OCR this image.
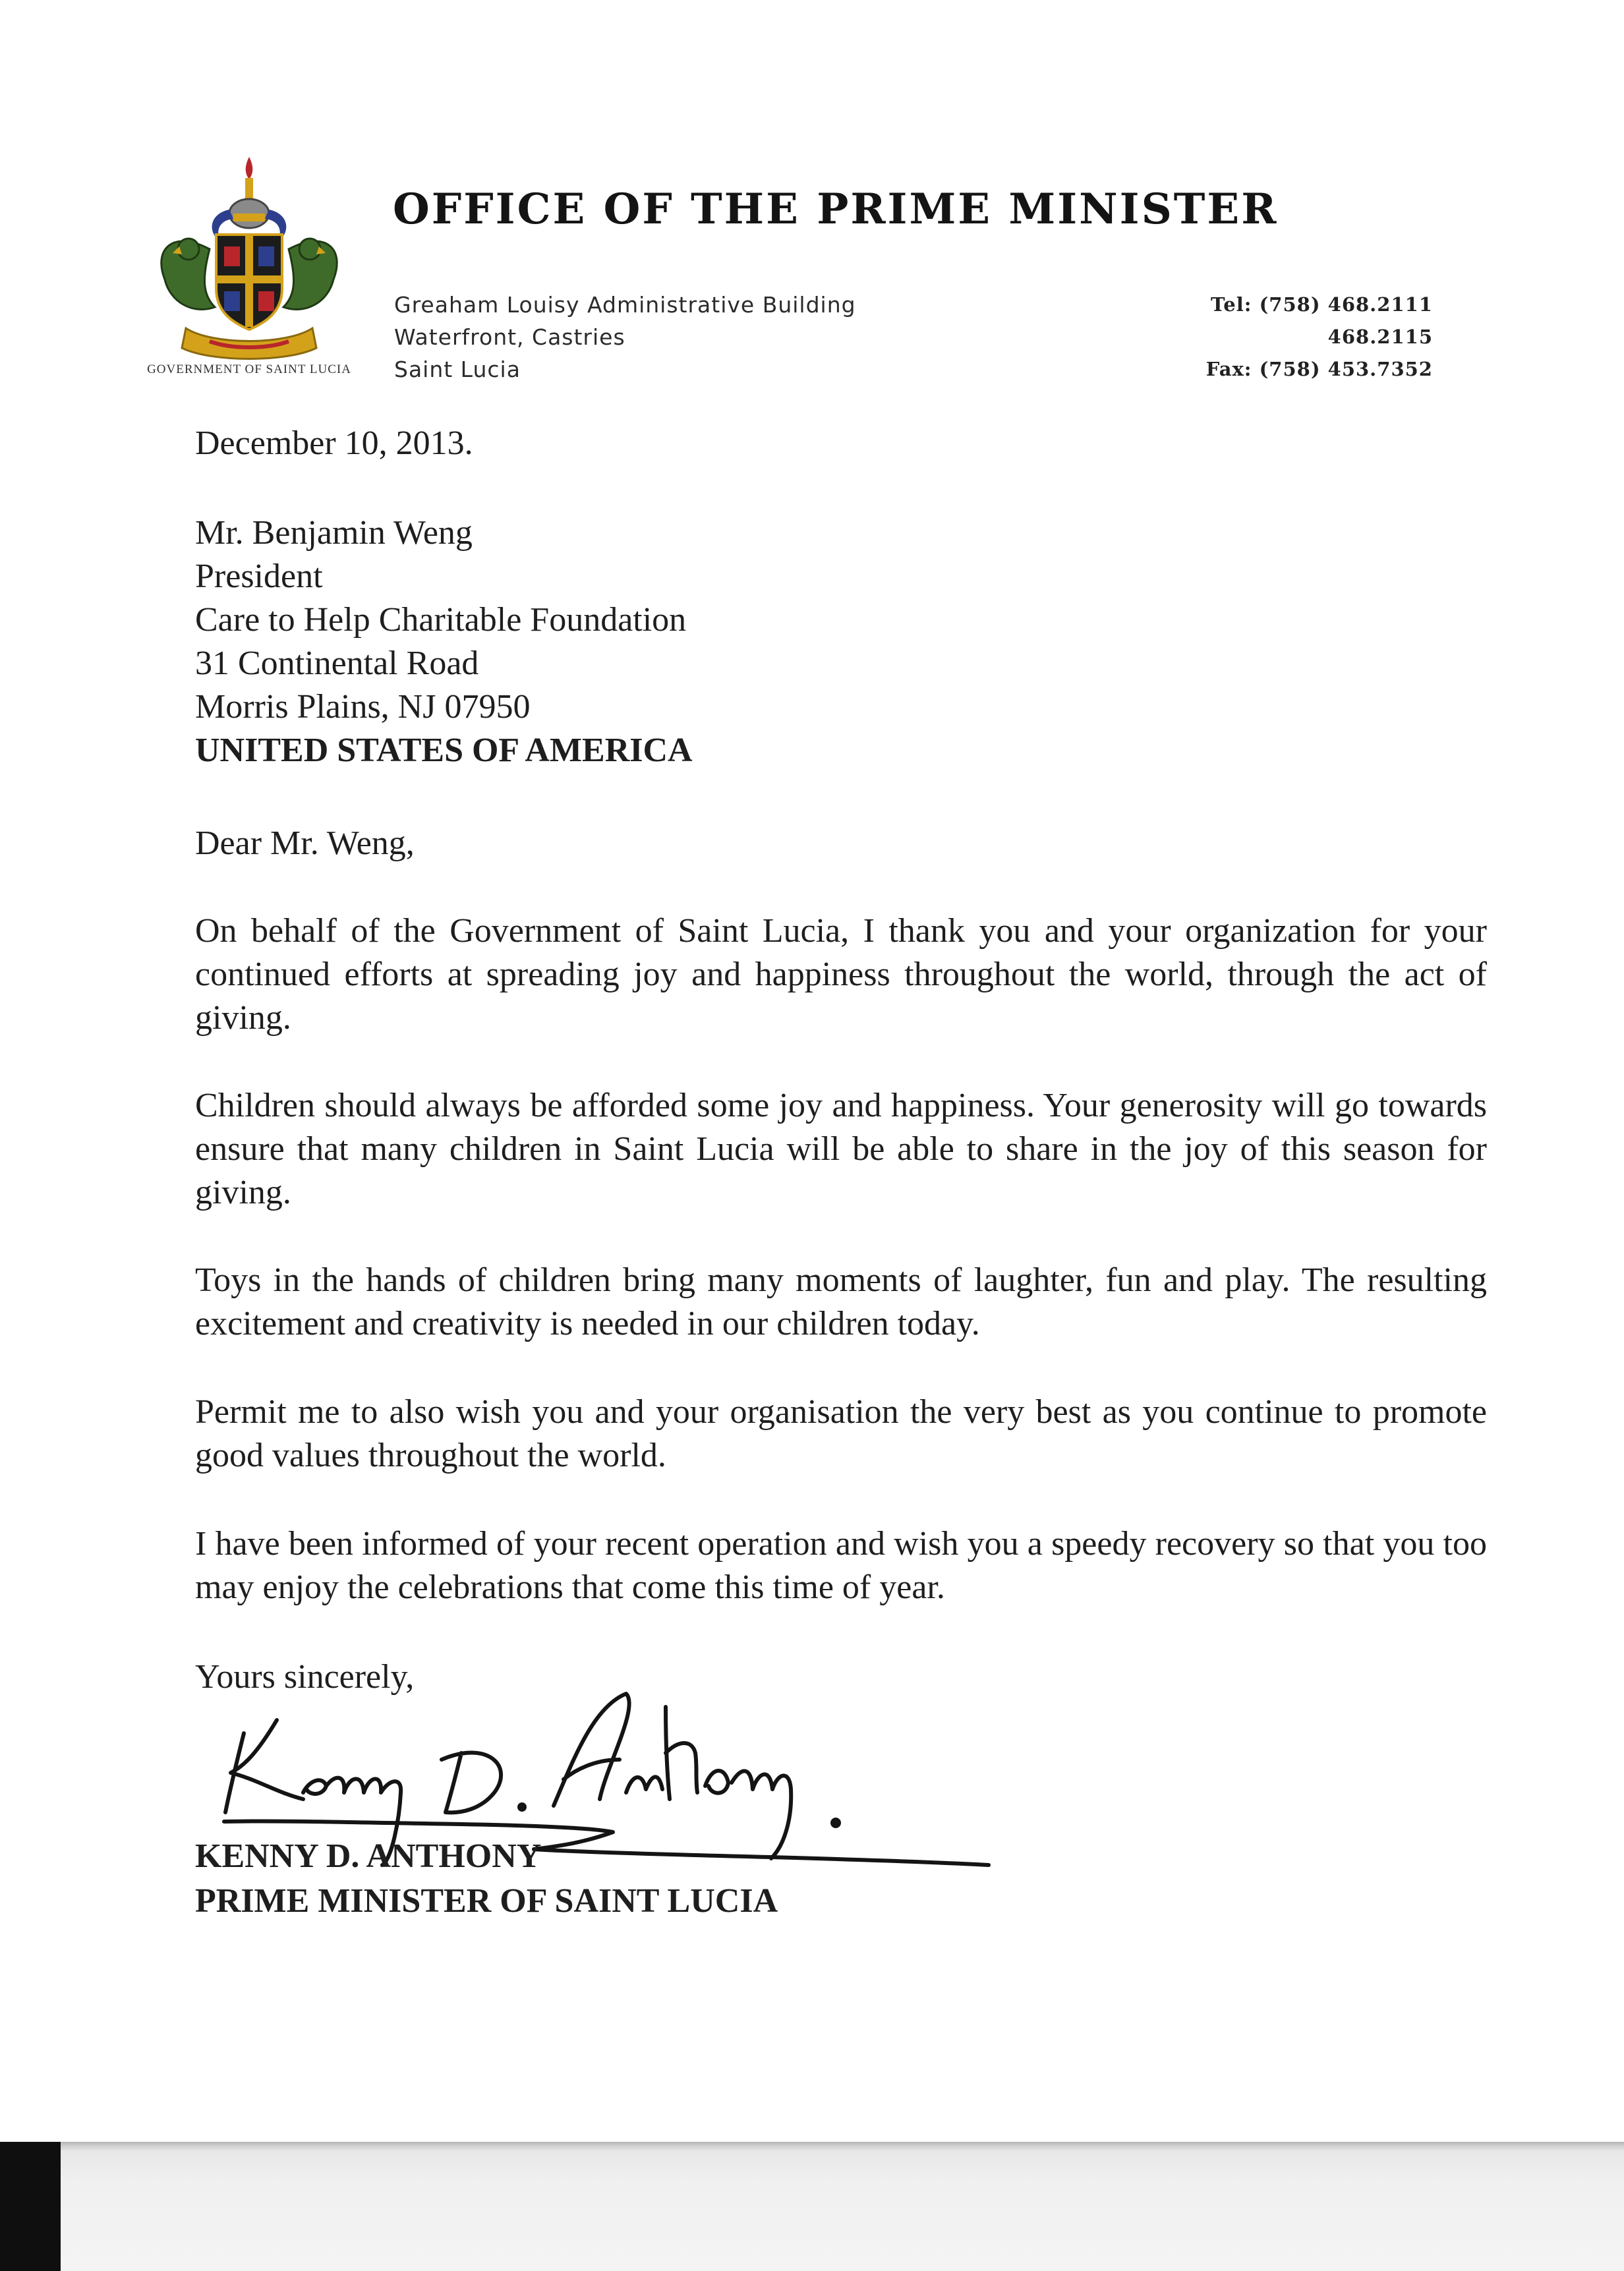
GOVERNMENT OF SAINT LUCIA
OFFICE OF THE PRIME MINISTER
Greaham Louisy Administrative Building
Waterfront, Castries
Saint Lucia
Tel: (758) 468.2111
468.2115
Fax: (758) 453.7352
December 10, 2013.
Mr. Benjamin Weng
President
Care to Help Charitable Foundation
31 Continental Road
Morris Plains, NJ 07950
UNITED STATES OF AMERICA
Dear Mr. Weng,
On behalf of the Government of Saint Lucia, I thank you and your organization for your continued efforts at spreading joy and happiness throughout the world, through the act of giving.
Children should always be afforded some joy and happiness. Your generosity will go towards ensure that many children in Saint Lucia will be able to share in the joy of this season for giving.
Toys in the hands of children bring many moments of laughter, fun and play. The resulting excitement and creativity is needed in our children today.
Permit me to also wish you and your organisation the very best as you continue to promote good values throughout the world.
I have been informed of your recent operation and wish you a speedy recovery so that you too may enjoy the celebrations that come this time of year.
Yours sincerely,
KENNY D. ANTHONY
PRIME MINISTER OF SAINT LUCIA
